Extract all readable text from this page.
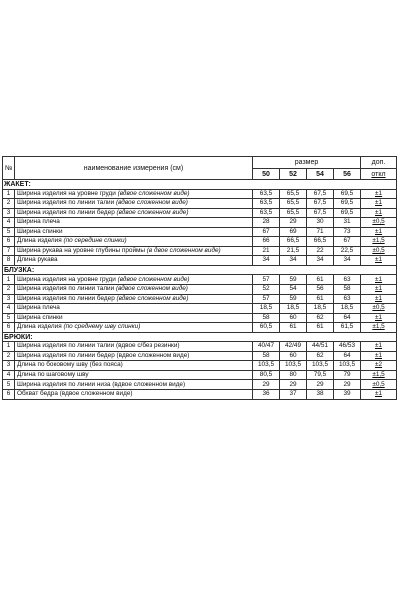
№	наименование измерения (см)	размер				доп.
		50	52	54	56	откл
ЖАКЕТ:						
1	Ширина изделия на уровне груди (вдвое сложенном виде)	63,5	65,5	67,5	69,5	±1
2	Ширина изделия по линии талии (вдвое сложенном виде)	63,5	65,5	67,5	69,5	±1
3	Ширина изделия по линии бедер (вдвое сложенном виде)	63,5	65,5	67,5	69,5	±1
4	Ширина плеча	28	29	30	31	±0,5
5	Ширина спинки	67	69	71	73	±1
6	Длина изделия (по середине спинки)	66	66,5	66,5	67	±1,5
7	Ширина рукава на уровне глубины проймы (в двое сложенном виде)	21	21,5	22	22,5	±0,5
8	Длина рукава	34	34	34	34	±1
БЛУЗКА:						
1	Ширина изделия на уровне груди (вдвое сложенном виде)	57	59	61	63	±1
2	Ширина изделия по линии талии (вдвое сложенном виде)	52	54	56	58	±1
3	Ширина изделия по линии бедер (вдвое сложенном виде)	57	59	61	63	±1
4	Ширина плеча	18,5	18,5	18,5	18,5	±0,5
5	Ширина спинки	58	60	62	64	±1
6	Длина изделия (по среднему шву спинки)	60,5	61	61	61,5	±1,5
БРЮКИ:						
1	Ширина изделия по линии талии (вдвое с/без резинки)	40/47	42/49	44/51	46/53	±1
2	Ширина изделия по линии бедер (вдвое сложенном виде)	58	60	62	64	±1
3	Длина по боковому шву (без пояса)	103,5	103,5	103,5	103,5	±2
4	Длина по шаговому шву	80,5	80	79,5	79	±1,5
5	Ширина изделия по линии низа (вдвое сложенном виде)	29	29	29	29	±0,5
6	Обхват бедра (вдвое сложенном виде)	36	37	38	39	±1
